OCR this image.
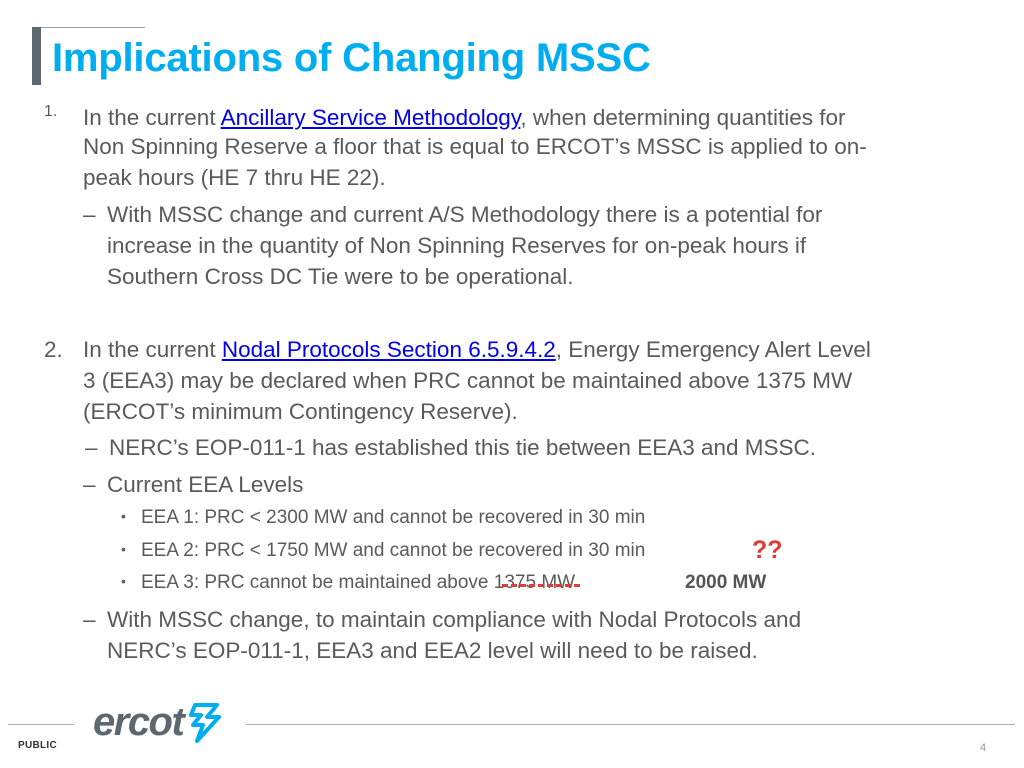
Implications of Changing MSSC
1. In the current Ancillary Service Methodology, when determining quantities for
Non Spinning Reserve a floor that is equal to ERCOT’s MSSC is applied to on-
peak hours (HE 7 thru HE 22).
– With MSSC change and current A/S Methodology there is a potential for
increase in the quantity of Non Spinning Reserves for on-peak hours if
Southern Cross DC Tie were to be operational.
2. In the current Nodal Protocols Section 6.5.9.4.2, Energy Emergency Alert Level
3 (EEA3) may be declared when PRC cannot be maintained above 1375 MW
(ERCOT’s minimum Contingency Reserve).
– NERC’s EOP-011-1 has established this tie between EEA3 and MSSC.
– Current EEA Levels
• EEA 1: PRC < 2300 MW and cannot be recovered in 30 min
• EEA 2: PRC < 1750 MW and cannot be recovered in 30 min	??
• EEA 3: PRC cannot be maintained above 1375 MW	2000 MW
– With MSSC change, to maintain compliance with Nodal Protocols and
NERC’s EOP-011-1, EEA3 and EEA2 level will need to be raised.
ercot
PUBLIC	4
